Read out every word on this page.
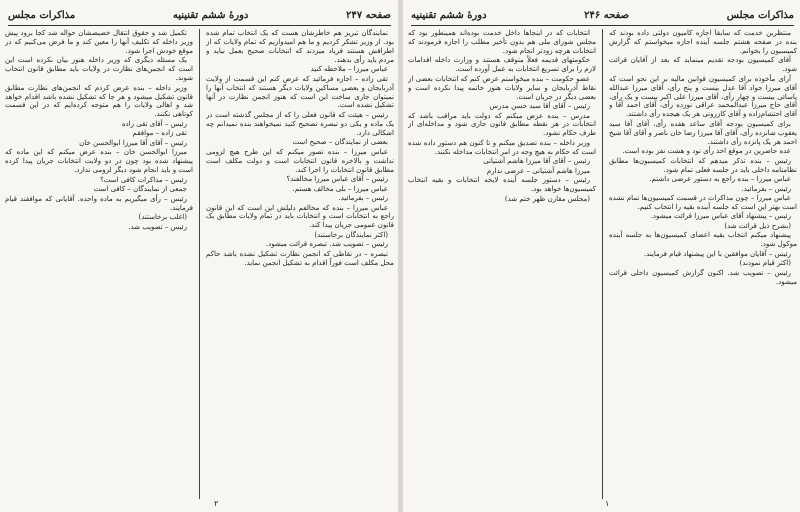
صفحه ۲۴۷
دورهٔ ششم تقنينيه
مذاكرات مجلس

نمایندگان تبریز هم خاطرشان هست که یک انتخاب تمام شده بود. از وزیر تشکر کردیم و ما هم امیدواریم که تمام ولایات که از اطرافش هستند فریاد میزدند که انتخابات صحیح بعمل نیاید و مردم باید رأی بدهند.

عباس میرزا – ملاحظه کنید

تقی زاده – اجازه فرمائید که عرض کنم این قسمت از ولایت آذربایجان و بعضی مساکین ولایات دیگر هستند که انتخاب آنها را نمیتوان جاری ساخت این است که هنوز انجمن نظارت در آنها تشکیل نشده است.

رئیس – هیئت که قانون فعلی را که از مجلس گذشته است در یک ماده و یکی دو تبصره تصحیح کنید نمیخواهند بنده نمیدانم چه اشکالی دارد.

بعضی از نمایندگان – صحیح است

عباس میرزا – بنده تصور میکنم که این طرح هیچ لزومی نداشت و بالاخره قانون انتخابات است و دولت مکلف است مطابق قانون انتخابات را اجرا کند.

رئیس – آقای عباس میرزا مخالفند؟

عباس میرزا – بلی مخالف هستم.

رئیس – بفرمائید.

عباس میرزا – بنده که مخالفم دلیلش این است که این قانون راجع به انتخابات است و انتخابات باید در تمام ولایات مطابق یک قانون عمومی جریان پیدا کند.

(اکثر نمایندگان برخاستند)

رئیس – تصویب شد. تبصره قرائت میشود.

تبصره – در نقاطی که انجمن نظارت تشکیل نشده باشد حاکم محل مکلف است فوراً اقدام به تشکیل انجمن نماید.

تکمیل شد و حقوق انتقال خصیصشان حواله شد کجا برود پیش وزیر داخله که تکلیف آنها را معین کند و ما فرض می‌کنیم که در موقع خودش اجرا شود.

یک مسئله دیگری که وزیر داخله هنوز بیان نکرده است این است که انجمن‌های نظارت در ولایات باید مطابق قانون انتخاب شوند.

وزیر داخله – بنده عرض کردم که انجمن‌های نظارت مطابق قانون تشکیل میشود و هر جا که تشکیل نشده باشد اقدام خواهد شد و اهالی ولایات را هم متوجه کرده‌ایم که در این قسمت کوتاهی نکنند.

رئیس – آقای تقی زاده

تقی زاده – موافقم

رئیس – آقای آقا میرزا ابوالحسن خان

میرزا ابوالحسن خان – بنده عرض میکنم که این ماده که پیشنهاد شده بود چون در دو ولایت انتخابات جریان پیدا کرده است و باید انجام شود دیگر لزومی ندارد.

رئیس – مذاکرات کافی است؟

جمعی از نمایندگان – کافی است

رئیس – رأی میگیریم به ماده واحده. آقایانی که موافقند قیام فرمایند.

(اغلب برخاستند)

رئیس – تصویب شد.

۲
مذاكرات مجلس
صفحه ۲۴۶
دورهٔ ششم تقنينيه

منتظرین خدمت که سابقاً اجازه کامیون دولتی داده بودند که بنده در صفحه هشتم جلسه آینده اجازه میخواستم که گزارش کمیسیون را بخوانم.

آقای کمیسیون بودجه تقدیم مینماید که بعد از آقایان قرائت شود.

آرای مأخوذه برای کمیسیون قوانین مالیه بر این نحو است که آقای میرزا جواد آقا عدل بیست و پنج رأی، آقای میرزا عبدالله یاسائی بیست و چهار رأی، آقای میرزا علی اکبر بیست و یک رأی، آقای حاج میرزا عبدالمحمد عراقی نوزده رأی، آقای احمد آقا و آقای احتشام‌زاده و آقای کازرونی هر یک هیجده رأی داشتند.

برای کمیسیون بودجه آقای ساعد هفده رأی، آقای آقا سید یعقوب شانزده رأی، آقای آقا میرزا رضا خان ناصر و آقای آقا شیخ احمد هر یک پانزده رأی داشتند.

عده حاضرین در موقع اخذ رأی نود و هشت نفر بوده است.

رئیس – بنده تذکر میدهم که انتخابات کمیسیون‌ها مطابق نظامنامه داخلی باید در جلسه فعلی تمام شود.

عباس میرزا – بنده راجع به دستور عرضی داشتم.

رئیس – بفرمائید.

عباس میرزا – چون مذاکرات در قسمت کمیسیون‌ها تمام نشده است بهتر این است که جلسه آینده بقیه را انتخاب کنیم.

رئیس – پیشنهاد آقای عباس میرزا قرائت میشود.

(بشرح ذیل قرائت شد)

پیشنهاد میکنم انتخاب بقیه اعضای کمیسیون‌ها به جلسه آینده موکول شود.

رئیس – آقایان موافقین با این پیشنهاد قیام فرمایند.

(اکثر قیام نمودند)

رئیس – تصویب شد. اکنون گزارش کمیسیون داخلی قرائت میشود.

انتخابات که در اینجا‌ها داخل خدمت بوده‌اند همینطور بود که مجلس شورای ملی هم بدون تأخیر مطلب را اجازه فرمودند که انتخابات هرچه زودتر انجام شود.

حکومتهای قدیمه فعلاً متوقف هستند و وزارت داخله اقدامات لازم را برای تسریع انتخابات به عمل آورده است.

عضو حکومت – بنده میخواستم عرض کنم که انتخابات بعضی از نقاط آذربایجان و سایر ولایات هنوز خاتمه پیدا نکرده است و بعضی دیگر در جریان است.

رئیس – آقای آقا سید حسن مدرس

مدرس – بنده عرض میکنم که دولت باید مراقب باشد که انتخابات در هر نقطه مطابق قانون جاری شود و مداخله‌ای از طرف حکام نشود.

وزیر داخله – بنده تصدیق میکنم و تا کنون هم دستور داده شده است که حکام به هیچ وجه در امر انتخابات مداخله نکنند.

رئیس – آقای آقا میرزا هاشم آشتیانی

میرزا هاشم آشتیانی – عرضی ندارم

رئیس – دستور جلسه آینده لایحه انتخابات و بقیه انتخاب کمیسیون‌ها خواهد بود.

(مجلس مقارن ظهر ختم شد)

۱
